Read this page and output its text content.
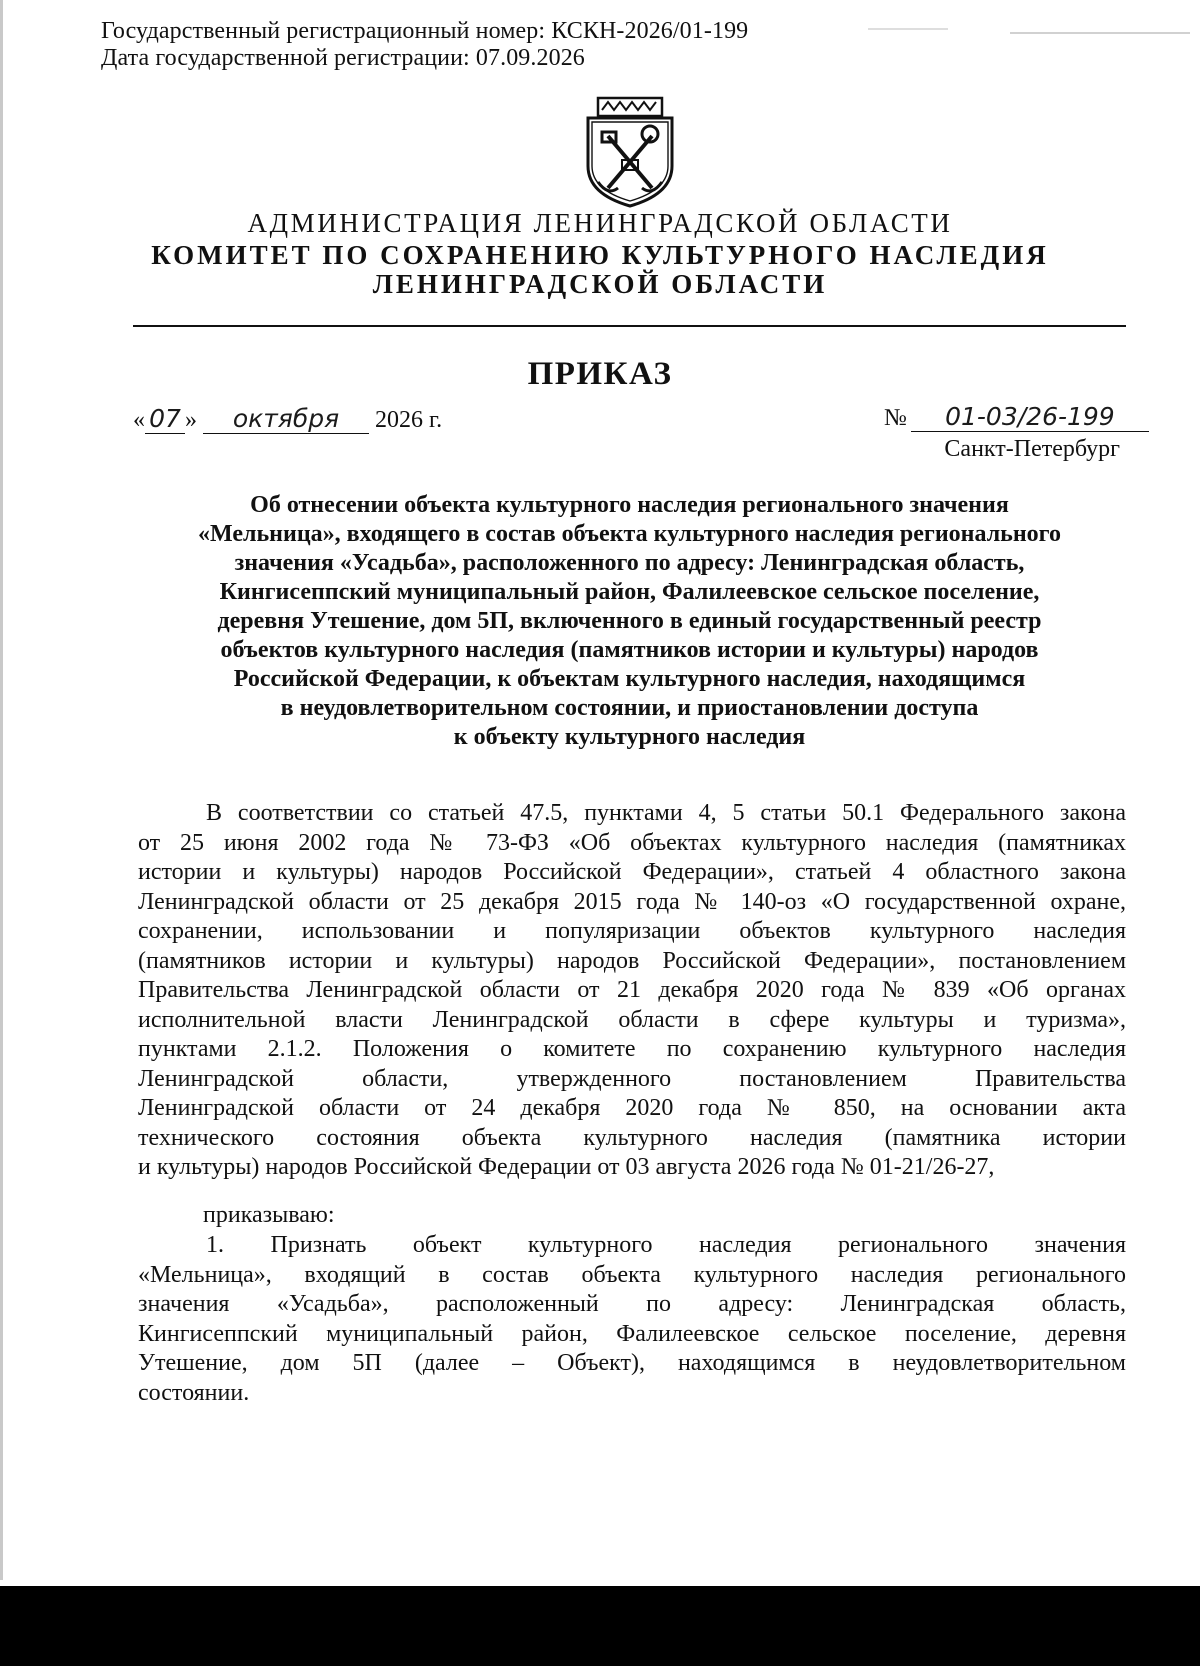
Государственный регистрационный номер: КСКН-2026/01-199
Дата государственной регистрации: 07.09.2026
АДМИНИСТРАЦИЯ ЛЕНИНГРАДСКОЙ ОБЛАСТИ
КОМИТЕТ ПО СОХРАНЕНИЮ КУЛЬТУРНОГО НАСЛЕДИЯ
ЛЕНИНГРАДСКОЙ ОБЛАСТИ
ПРИКАЗ
« 07 » октября 2026 г.	№ 01-03/26-199
Санкт-Петербург
Об отнесении объекта культурного наследия регионального значения
«Мельница», входящего в состав объекта культурного наследия регионального
значения «Усадьба», расположенного по адресу: Ленинградская область,
Кингисеппский муниципальный район, Фалилеевское сельское поселение,
деревня Утешение, дом 5П, включенного в единый государственный реестр
объектов культурного наследия (памятников истории и культуры) народов
Российской Федерации, к объектам культурного наследия, находящимся
в неудовлетворительном состоянии, и приостановлении доступа
к объекту культурного наследия
В соответствии со статьей 47.5, пунктами 4, 5 статьи 50.1 Федерального закона
от 25 июня 2002 года № 73-ФЗ «Об объектах культурного наследия (памятниках
истории и культуры) народов Российской Федерации», статьей 4 областного закона
Ленинградской области от 25 декабря 2015 года № 140-оз «О государственной охране,
сохранении, использовании и популяризации объектов культурного наследия
(памятников истории и культуры) народов Российской Федерации», постановлением
Правительства Ленинградской области от 21 декабря 2020 года № 839 «Об органах
исполнительной власти Ленинградской области в сфере культуры и туризма»,
пунктами 2.1.2. Положения о комитете по сохранению культурного наследия
Ленинградской области, утвержденного постановлением Правительства
Ленинградской области от 24 декабря 2020 года № 850, на основании акта
технического состояния объекта культурного наследия (памятника истории
и культуры) народов Российской Федерации от 03 августа 2026 года № 01-21/26-27,
приказываю:
1. Признать объект культурного наследия регионального значения
«Мельница», входящий в состав объекта культурного наследия регионального
значения «Усадьба», расположенный по адресу: Ленинградская область,
Кингисеппский муниципальный район, Фалилеевское сельское поселение, деревня
Утешение, дом 5П (далее – Объект), находящимся в неудовлетворительном
состоянии.
